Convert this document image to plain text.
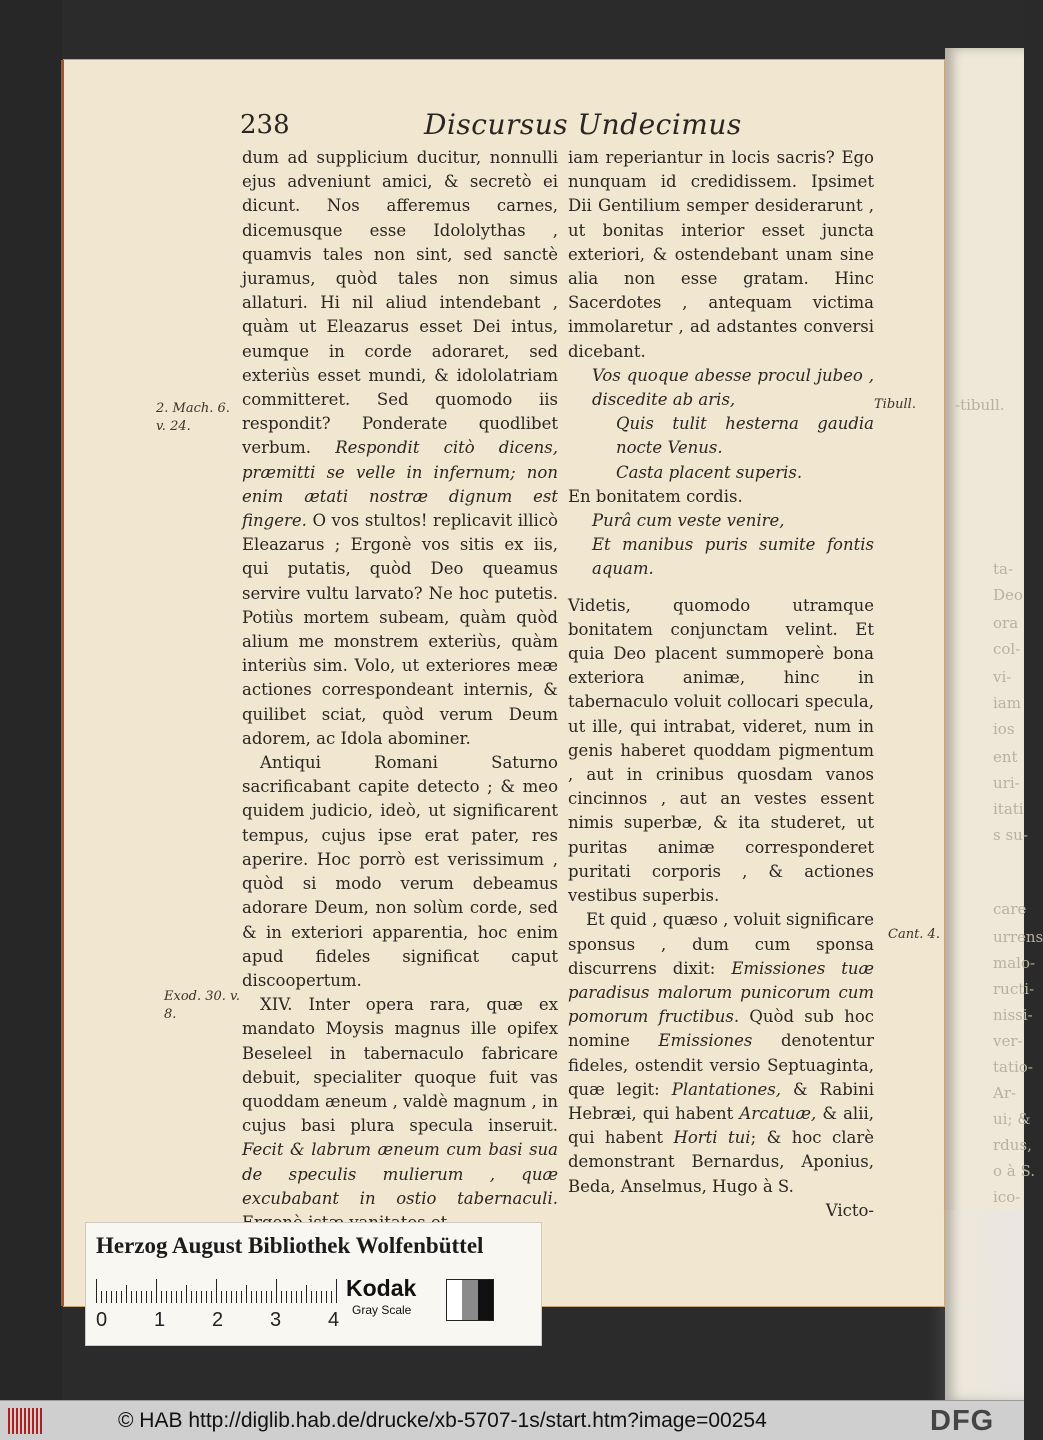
-tibull.
ta-
Deo
ora
col-
vi-
iam
ios
ent
uri-
itati
s su-
care
urrens
malo-
ructi-
nissi-
ver-
tatio-
Ar-
ui; &
rdus,
o à S.
ico-
238	Discursus Undecimus

dum ad supplicium ducitur, nonnulli ejus adveniunt amici, & secretò ei dicunt. Nos afferemus carnes, dicemusque esse Idololythas , quamvis tales non sint, sed sanctè juramus, quòd tales non simus allaturi. Hi nil aliud intendebant , quàm ut Eleazarus esset Dei intus, eumque in corde adoraret, sed exteriùs esset mundi, & idololatriam committeret. Sed quomodo iis respondit? Ponderate quodlibet verbum. Respondit citò dicens, præmitti se velle in infernum; non enim ætati nostræ dignum est fingere. O vos stultos! replicavit illicò Eleazarus ; Ergonè vos sitis ex iis, qui putatis, quòd Deo queamus servire vultu larvato? Ne hoc putetis. Potiùs mortem subeam, quàm quòd alium me monstrem exteriùs, quàm interiùs sim. Volo, ut exteriores meæ actiones correspondeant internis, & quilibet sciat, quòd verum Deum adorem, ac Idola abominer.

Antiqui Romani Saturno sacrificabant capite detecto ; & meo quidem judicio, ideò, ut significarent tempus, cujus ipse erat pater, res aperire. Hoc porrò est verissimum , quòd si modo verum debeamus adorare Deum, non solùm corde, sed & in exteriori apparentia, hoc enim apud fideles significat caput discoopertum.

XIV. Inter opera rara, quæ ex mandato Moysis magnus ille opifex Beseleel in tabernaculo fabricare debuit, specialiter quoque fuit vas quoddam æneum , valdè magnum , in cujus basi plura specula inseruit. Fecit & labrum æneum cum basi sua de speculis mulierum , quæ excubabant in ostio tabernaculi.

iam reperiantur in locis sacris? Ego nunquam id credidissem. Ipsimet Dii Gentilium semper desiderarunt , ut bonitas interior esset juncta exteriori, & ostendebant unam sine alia non esse gratam. Hinc Sacerdotes , antequam victima immolaretur , ad adstantes conversi dicebant.

Vos quoque abesse procul jubeo , discedite ab aris,

Quis tulit hesterna gaudia nocte Venus.

Casta placent superis.

En bonitatem cordis.

Purâ cum veste venire,

Et manibus puris sumite fontis aquam.

Videtis, quomodo utramque bonitatem conjunctam velint. Et quia Deo placent summoperè bona exteriora animæ, hinc in tabernaculo voluit collocari specula, ut ille, qui intrabat, videret, num in genis haberet quoddam pigmentum , aut in crinibus quosdam vanos cincinnos , aut an vestes essent nimis superbæ, & ita studeret, ut puritas animæ corresponderet puritati corporis , & actiones vestibus superbis.

Et quid , quæso , voluit significare sponsus , dum cum sponsa discurrens dixit: Emissiones tuæ paradisus malorum punicorum cum pomorum fructibus. Quòd sub hoc nomine Emissiones denotentur fideles, ostendit versio Septuaginta, quæ legit: Plantationes, & Rabini Hebræi, qui habent Arcatuæ, & alii, qui habent Horti tui; & hoc clarè demonstrant Bernardus, Aponius, Beda, Anselmus, Hugo à S.

Victo-

2. Mach. 6.
v. 24.
Tibull.
Cant. 4.
Exod. 30. v.
8.
Herzog August Bibliothek Wolfenbüttel
0 1 2 3 4
Kodak
Gray Scale
© HAB http://diglib.hab.de/drucke/xb-5707-1s/start.htm?image=00254	DFG
